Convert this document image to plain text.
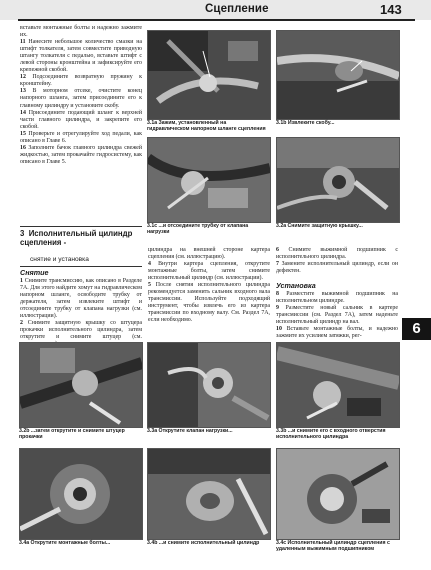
Сцепление	143

вставьте монтажные болты и надежно зажмите их.

11 Нанесите небольшое количество смазки на штифт толкателя, затем совместите приводную штангу толкателя с педалью, вставьте штифт с левой стороны кронштейна и зафиксируйте его крепежной скобой.

12 Подсоедините возвратную пружину к кронштейну.

13 В моторном отсеке, очистите конец напорного шланга, затем присоедините его к главному цилиндру и установите скобу.

14 Присоедините подающий шланг к верхней части главного цилиндра, и закрепите его скобой.

15 Проверьте и отрегулируйте ход педали, как описано в Главе 6.

16 Заполните бачок главного цилиндра свежей жидкостью, затем прокачайте гидросистему, как описано в Главе 5.

3 Исполнительный цилиндр сцепления -
снятие и установка
Снятие

1 Снимите трансмиссию, как описано в Разделе 7А. Для этого найдите хомут на гидравлическом напорном шланге, освободите трубку от держателя, затем извлеките штифт и отсоедините трубку от клапана нагрузки (см. иллюстрации).

2 Снимите защитную крышку со штуцера прокачки исполнительного цилиндра, затем открутите и снимите штуцер (см.

цилиндра на внешней стороне картера сцепления (см. иллюстрацию).

4 Внутри картера сцепления, открутите монтажные болты, затем снимите исполнительный цилиндр (см. иллюстрации).

5 После снятия исполнительного цилиндра рекомендуется заменить сальник входного вала трансмиссии. Используйте подходящий инструмент, чтобы извлечь его из картера трансмиссии по входному валу. См. Раздел 7А, если необходимо.

6 Снимите выжимной подшипник с исполнительного цилиндра.

7 Замените исполнительный цилиндр, если он дефектен.

Установка

8 Разместите выжимной подшипник на исполнительном цилиндре.

9 Разместите новый сальник в картере трансмиссии (см. Раздел 7А), затем наденьте исполнительный цилиндр на вал.

10 Вставьте монтажные болты, и надежно зажмите их усилием затяжки, рег-	6
3.1а Зажим, установленный на гидравлическом напорном шланге сцепления
3.1b Извлеките скобу...
3.1c ...и отсоедините трубку от клапана нагрузки
3.2а Снимите защитную крышку...
3.2b ...затем открутите и снимите штуцер прокачки
3.3а Открутите клапан нагрузки...	3.3b ...и снимите его с входного отверстия исполнительного цилиндра
3.4а Открутите монтажные болты...	3.4b ...и снимите исполнительный цилиндр	3.4с Исполнительный цилиндр сцепления с удаленным выжимным подшипником
